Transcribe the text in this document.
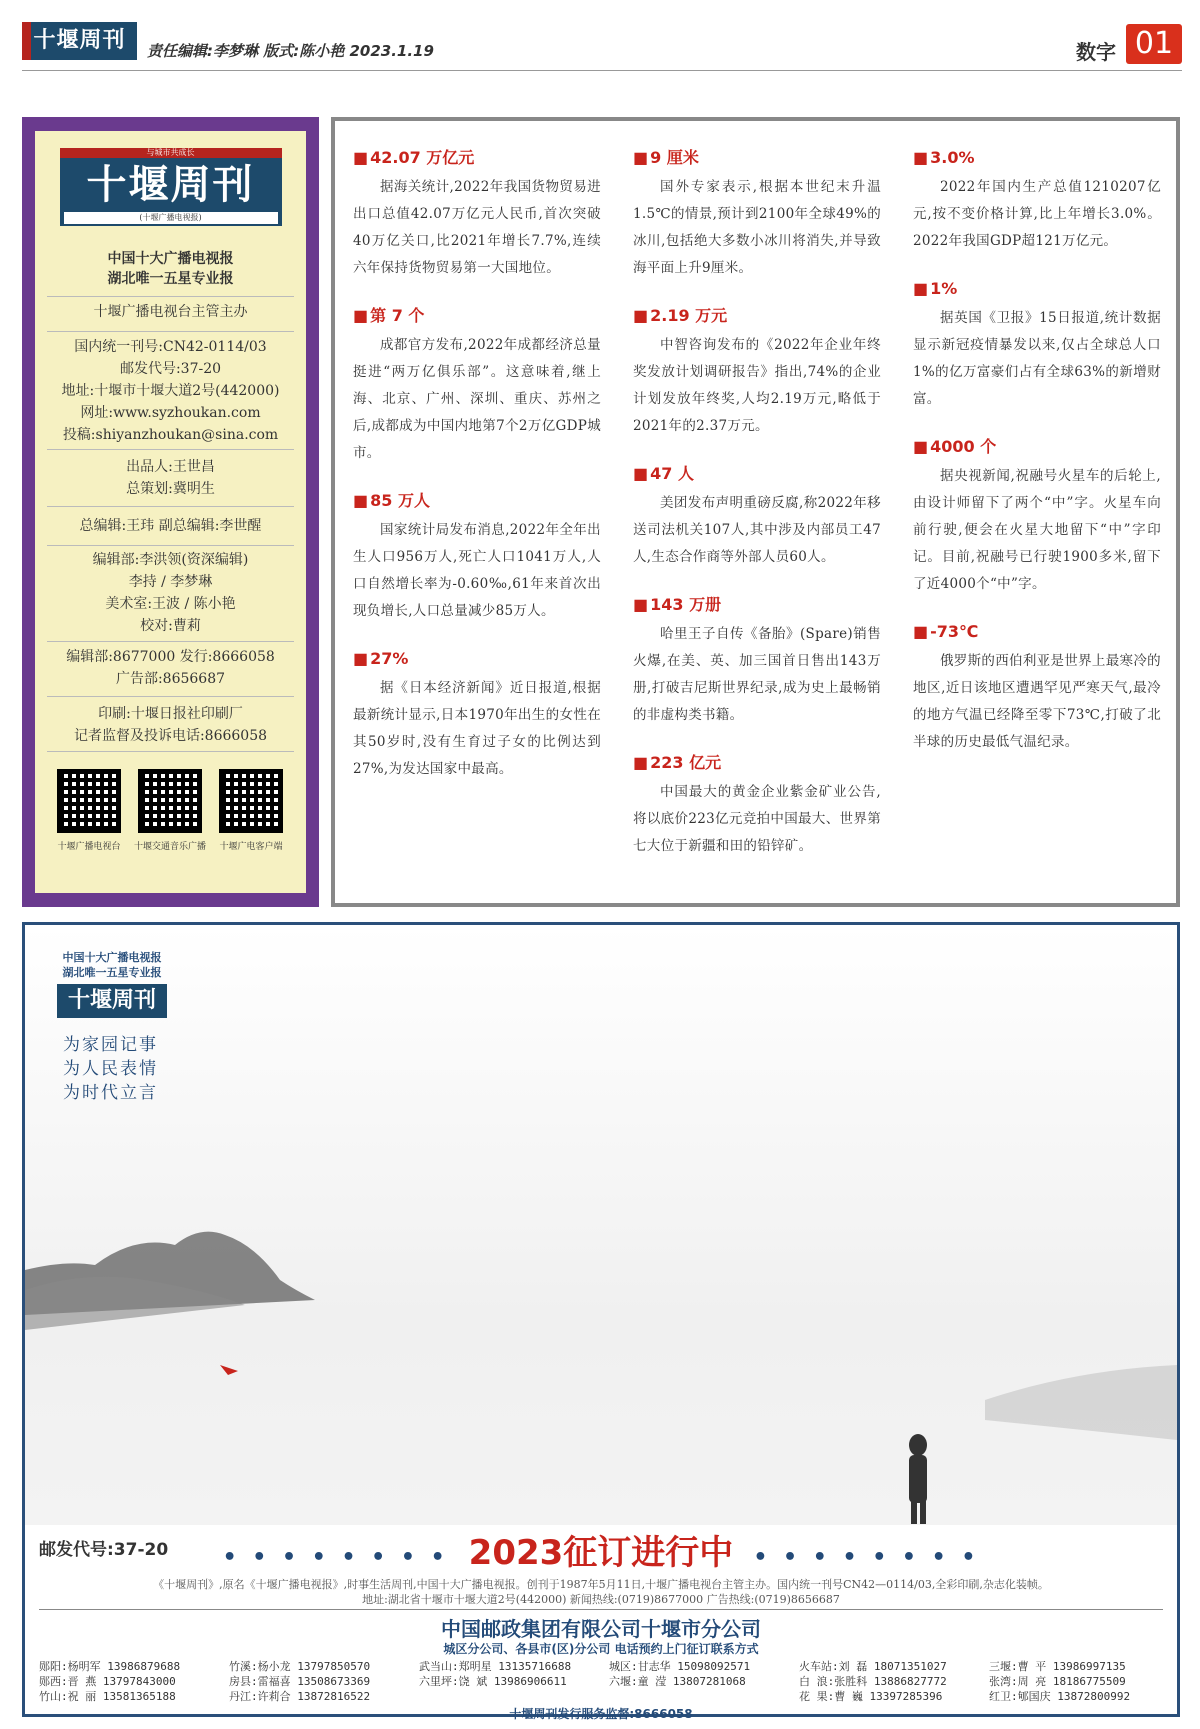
十堰周刊	责任编辑:李梦琳 版式:陈小艳 2023.1.19	数字 01
与城市共成长
十堰周刊
(十堰广播电视报)
中国十大广播电视报
湖北唯一五星专业报
十堰广播电视台主管主办
国内统一刊号:CN42-0114/03
邮发代号:37-20
地址:十堰市十堰大道2号(442000)
网址:www.syzhoukan.com
投稿:shiyanzhoukan@sina.com
出品人:王世昌
总策划:冀明生
总编辑:王玮 副总编辑:李世醒
编辑部:李洪领(资深编辑)
李持 / 李梦琳
美术室:王波 / 陈小艳
校对:曹莉
编辑部:8677000 发行:8666058
广告部:8656687
印刷:十堰日报社印刷厂
记者监督及投诉电话:8666058
十堰广播电视台	十堰交通音乐广播	十堰广电客户端
■ 42.07 万亿元

据海关统计,2022年我国货物贸易进出口总值42.07万亿元人民币,首次突破40万亿关口,比2021年增长7.7%,连续六年保持货物贸易第一大国地位。

■ 第 7 个

成都官方发布,2022年成都经济总量挺进“两万亿俱乐部”。这意味着,继上海、北京、广州、深圳、重庆、苏州之后,成都成为中国内地第7个2万亿GDP城市。

■ 85 万人

国家统计局发布消息,2022年全年出生人口956万人,死亡人口1041万人,人口自然增长率为-0.60‰,61年来首次出现负增长,人口总量减少85万人。

■ 27%

据《日本经济新闻》近日报道,根据最新统计显示,日本1970年出生的女性在其50岁时,没有生育过子女的比例达到27%,为发达国家中最高。

■ 9 厘米

国外专家表示,根据本世纪末升温1.5℃的情景,预计到2100年全球49%的冰川,包括绝大多数小冰川将消失,并导致海平面上升9厘米。

■ 2.19 万元

中智咨询发布的《2022年企业年终奖发放计划调研报告》指出,74%的企业计划发放年终奖,人均2.19万元,略低于2021年的2.37万元。

■ 47 人

美团发布声明重磅反腐,称2022年移送司法机关107人,其中涉及内部员工47人,生态合作商等外部人员60人。

■ 143 万册

哈里王子自传《备胎》(Spare)销售火爆,在美、英、加三国首日售出143万册,打破吉尼斯世界纪录,成为史上最畅销的非虚构类书籍。

■ 223 亿元

中国最大的黄金企业紫金矿业公告,将以底价223亿元竞拍中国最大、世界第七大位于新疆和田的铅锌矿。

■ 3.0%

2022年国内生产总值1210207亿元,按不变价格计算,比上年增长3.0%。2022年我国GDP超121万亿元。

■ 1%

据英国《卫报》15日报道,统计数据显示新冠疫情暴发以来,仅占全球总人口1%的亿万富豪们占有全球63%的新增财富。

■ 4000 个

据央视新闻,祝融号火星车的后轮上,由设计师留下了两个“中”字。火星车向前行驶,便会在火星大地留下“中”字印记。目前,祝融号已行驶1900多米,留下了近4000个“中”字。

■ -73℃

俄罗斯的西伯利亚是世界上最寒冷的地区,近日该地区遭遇罕见严寒天气,最冷的地方气温已经降至零下73℃,打破了北半球的历史最低气温纪录。

中国十大广播电视报
湖北唯一五星专业报
十堰周刊
为家园记事
为人民表情
为时代立言
邮发代号:37-20	• • • • • • • • 2023征订进行中 • • • • • • • •
《十堰周刊》,原名《十堰广播电视报》,时事生活周刊,中国十大广播电视报。创刊于1987年5月11日,十堰广播电视台主管主办。国内统一刊号CN42—0114/03,全彩印刷,杂志化装帧。
地址:湖北省十堰市十堰大道2号(442000) 新闻热线:(0719)8677000 广告热线:(0719)8656687
中国邮政集团有限公司十堰市分公司
城区分公司、各县市(区)分公司 电话预约上门征订联系方式
郧阳:杨明军 13986879688
郧西:晋 燕 13797843000
竹山:祝 丽 13581365188
竹溪:杨小龙 13797850570
房县:雷福喜 13508673369
丹江:许莉合 13872816522
武当山:郑明星 13135716688
六里坪:饶 斌 13986906611
城区:甘志华 15098092571
六堰:童 滢 13807281068
火车站:刘 磊 18071351027
白 浪:张胜科 13886827772
花 果:曹 巍 13397285396
三堰:曹 平 13986997135
张湾:周 亮 18186775509
红卫:郇国庆 13872800992
十堰周刊发行服务监督:8666058
